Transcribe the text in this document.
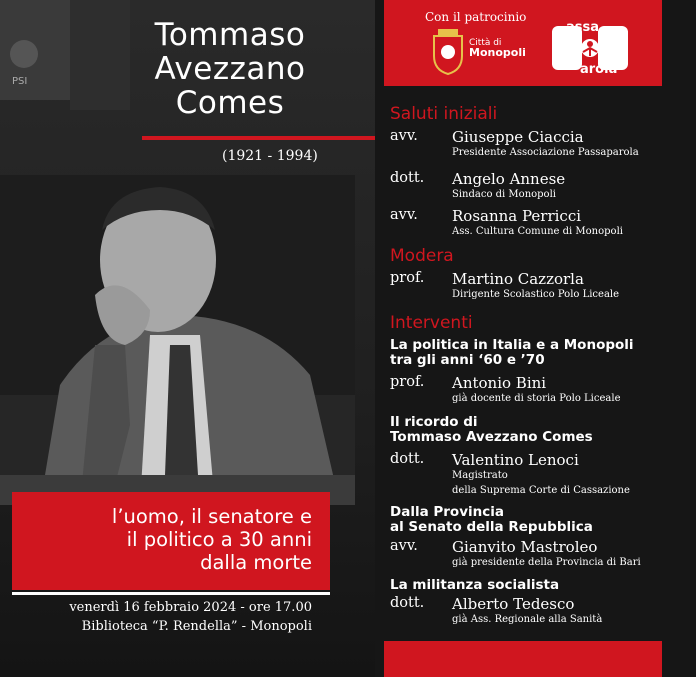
PSI
Tommaso
Avezzano
Comes
(1921 - 1994)
l’uomo, il senatore e
il politico a 30 anni
dalla morte
venerdì 16 febbraio 2024 - ore 17.00
Biblioteca “P. Rendella” - Monopoli
Con il patrocinio
Città di
Monopoli
assa
arola
Saluti iniziali
avv. Giuseppe Ciaccia
Presidente Associazione Passaparola
dott. Angelo Annese
Sindaco di Monopoli
avv. Rosanna Perricci
Ass. Cultura Comune di Monopoli
Modera
prof. Martino Cazzorla
Dirigente Scolastico Polo Liceale
Interventi
La politica in Italia e a Monopoli
tra gli anni ‘60 e ’70
prof. Antonio Bini
già docente di storia Polo Liceale
Il ricordo di
Tommaso Avezzano Comes
dott. Valentino Lenoci
Magistrato
della Suprema Corte di Cassazione
Dalla Provincia
al Senato della Repubblica
avv. Gianvito Mastroleo
già presidente della Provincia di Bari
La militanza socialista
dott. Alberto Tedesco
già Ass. Regionale alla Sanità
